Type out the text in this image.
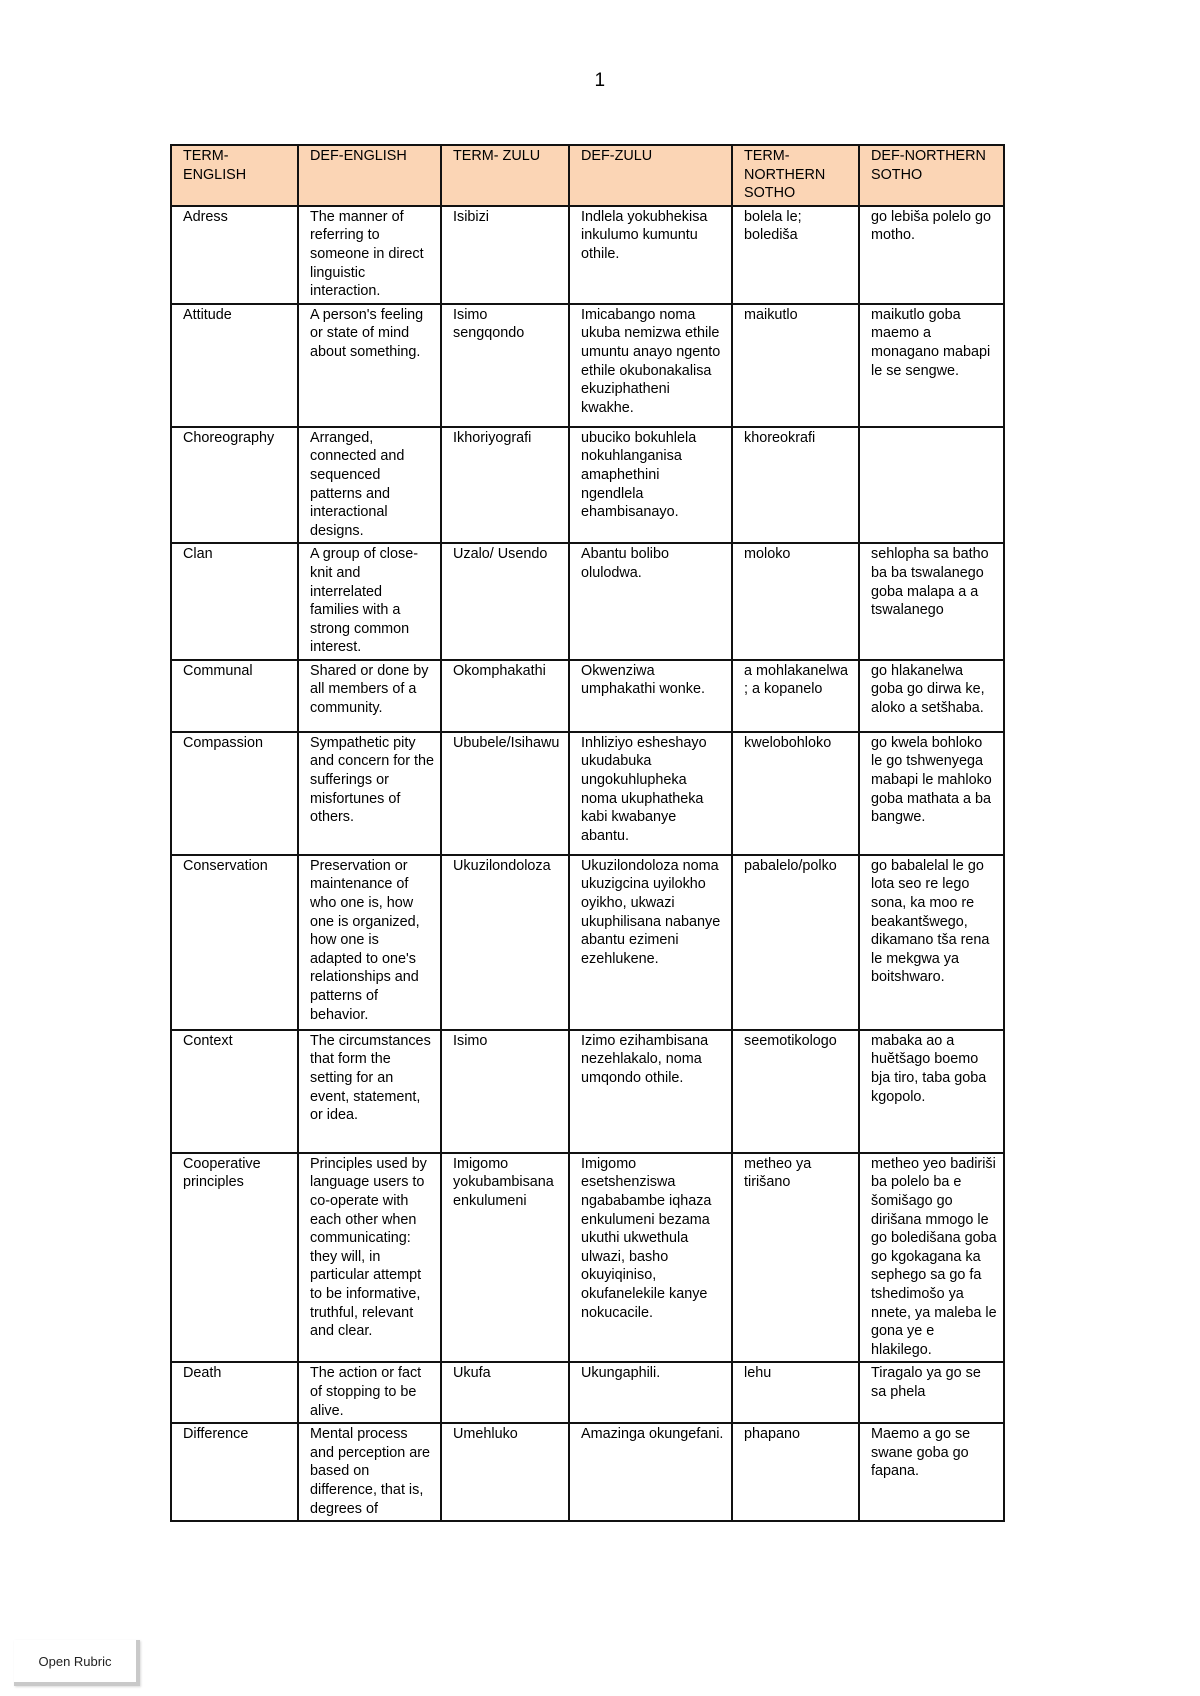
1
TERM-ENGLISH	DEF-ENGLISH	TERM- ZULU	DEF-ZULU	TERM-NORTHERN SOTHO	DEF-NORTHERN SOTHO
Adress	The manner of referring to someone in direct linguistic interaction.	Isibizi	Indlela yokubhekisa inkulumo kumuntu othile.	bolela le; bolediša	go lebiša polelo go motho.
Attitude	A person's feeling or state of mind about something.	Isimo sengqondo	Imicabango noma ukuba nemizwa ethile umuntu anayo ngento ethile okubonakalisa ekuziphatheni kwakhe.	maikutlo	maikutlo goba maemo a monagano mabapi le se sengwe.
Choreography	Arranged, connected and sequenced patterns and interactional designs.	Ikhoriyografi	ubuciko bokuhlela nokuhlanganisa amaphethini ngendlela ehambisanayo.	khoreokrafi	
Clan	A group of close-knit and interrelated families with a strong common interest.	Uzalo/ Usendo	Abantu bolibo olulodwa.	moloko	sehlopha sa batho ba ba tswalanego goba malapa a a tswalanego
Communal	Shared or done by all members of a community.	Okomphakathi	Okwenziwa umphakathi wonke.	a mohlakanelwa ; a kopanelo	go hlakanelwa goba go dirwa ke, aloko a setšhaba.
Compassion	Sympathetic pity and concern for the sufferings or misfortunes of others.	Ububele/Isihawu	Inhliziyo esheshayo ukudabuka ungokuhlupheka noma ukuphatheka kabi kwabanye abantu.	kwelobohloko	go kwela bohloko le go tshwenyega mabapi le mahloko goba mathata a ba bangwe.
Conservation	Preservation or maintenance of who one is, how one is organized, how one is adapted to one's relationships and patterns of behavior.	Ukuzilondoloza	Ukuzilondoloza noma ukuzigcina uyilokho oyikho, ukwazi ukuphilisana nabanye abantu ezimeni ezehlukene.	pabalelo/polko	go babalelal le go lota seo re lego sona, ka moo re beakantšwego, dikamano tša rena le mekgwa ya boitshwaro.
Context	The circumstances that form the setting for an event, statement, or idea.	Isimo	Izimo ezihambisana nezehlakalo, noma umqondo othile.	seemotikologo	mabaka ao a huĕtšago boemo bja tiro, taba goba kgopolo.
Cooperative principles	Principles used by language users to co-operate with each other when communicating: they will, in particular attempt to be informative, truthful, relevant and clear.	Imigomo yokubambisana enkulumeni	Imigomo esetshenziswa ngababambe iqhaza enkulumeni bezama ukuthi ukwethula ulwazi, basho okuyiqiniso, okufanelekile kanye nokucacile.	metheo ya tirišano	metheo yeo badiriši ba polelo ba e šomišago go dirišana mmogo le go boledišana goba go kgokagana ka sephego sa go fa tshedimošo ya nnete, ya maleba le gona ye e hlakilego.
Death	The action or fact of stopping to be alive.	Ukufa	Ukungaphili.	lehu	Tiragalo ya go se sa phela
Difference	Mental process and perception are based on difference, that is, degrees of	Umehluko	Amazinga okungefani.	phapano	Maemo a go se swane goba go fapana.
Open Rubric
